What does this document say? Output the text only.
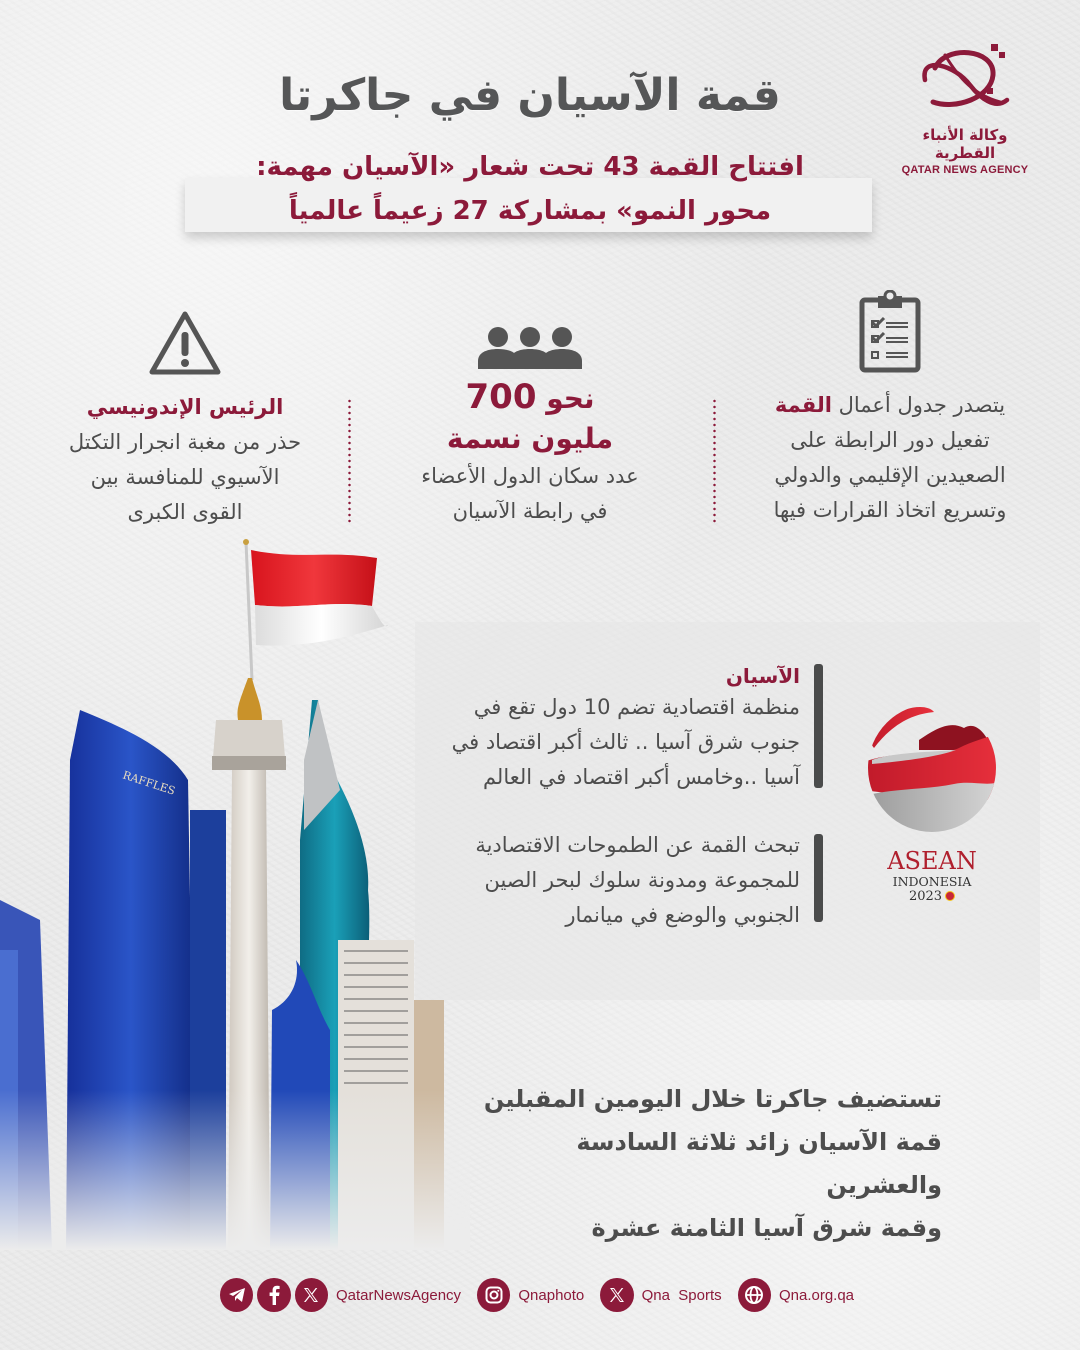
وكالة الأنباء القطرية
QATAR NEWS AGENCY
قمة الآسيان في جاكرتا
افتتاح القمة 43 تحت شعار «الآسيان مهمة:
محور النمو» بمشاركة 27 زعيماً عالمياً
يتصدر جدول أعمال القمة
تفعيل دور الرابطة على
الصعيدين الإقليمي والدولي
وتسريع اتخاذ القرارات فيها
نحو 700
مليون نسمة
عدد سكان الدول الأعضاء
في رابطة الآسيان
الرئيس الإندونيسي
حذر من مغبة انجرار التكتل
الآسيوي للمنافسة بين
القوى الكبرى
الآسيان
منظمة اقتصادية تضم 10 دول تقع في
جنوب شرق آسيا .. ثالث أكبر اقتصاد في
آسيا ..وخامس أكبر اقتصاد في العالم
تبحث القمة عن الطموحات الاقتصادية
للمجموعة ومدونة سلوك لبحر الصين
الجنوبي والوضع في ميانمار
ASEAN
INDONESIA
2023
RAFFLES
تستضيف جاكرتا خلال اليومين المقبلين
قمة الآسيان زائد ثلاثة السادسة والعشرين
وقمة شرق آسيا الثامنة عشرة
QatarNewsAgency	Qnaphoto	Qna  Sports	Qna.org.qa
